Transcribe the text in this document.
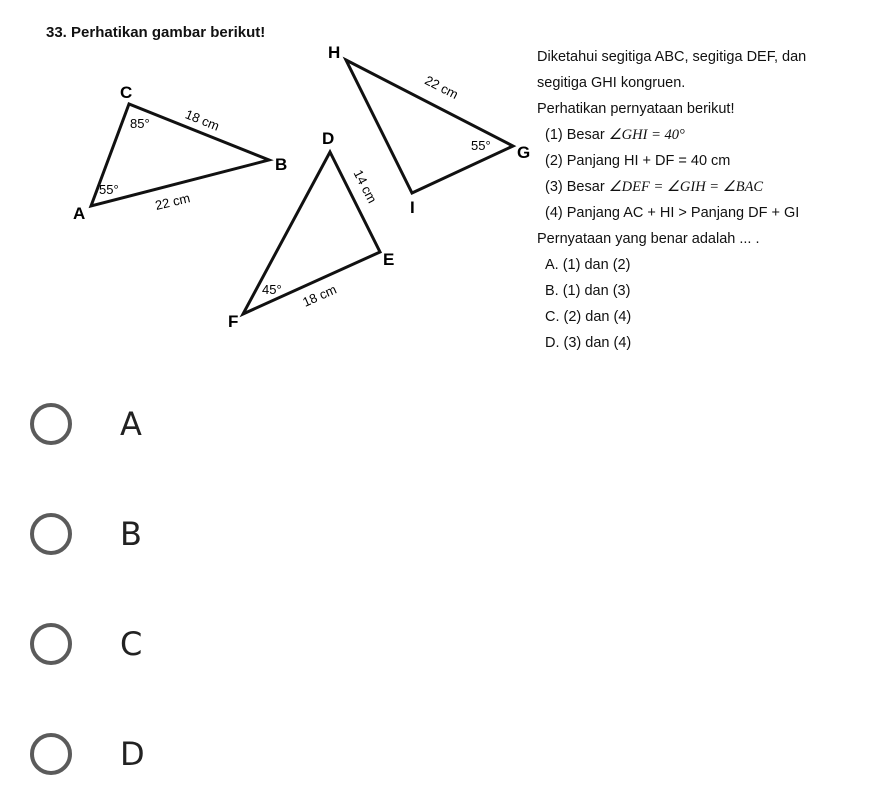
33. Perhatikan gambar berikut!
C
B
A
D
E
F
H
G
I
85°	18 cm
55°
22 cm	14 cm
45° 18 cm
22 cm
55°

Diketahui segitiga ABC, segitiga DEF, dan segitiga GHI kongruen.

Perhatikan pernyataan berikut!

(1) Besar ∠GHI = 40°
(2) Panjang HI + DF = 40 cm
(3) Besar ∠DEF = ∠GIH = ∠BAC
(4) Panjang AC + HI > Panjang DF + GI

Pernyataan yang benar adalah ... .

A. (1) dan (2)
B. (1) dan (3)
C. (2) dan (4)
D. (3) dan (4)
A
B
C
D
